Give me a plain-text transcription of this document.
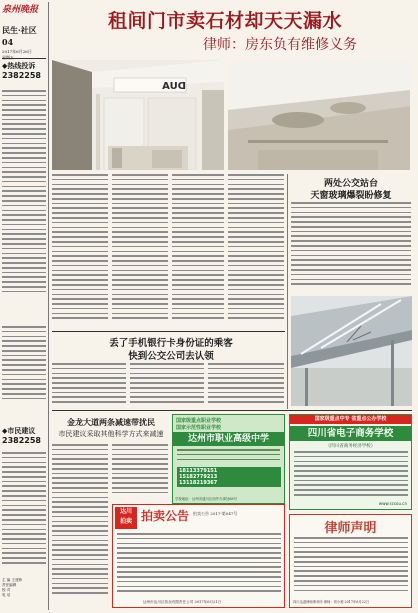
泉州晚报
民生·社区
04
2017年6月26日
◆热线投诉
2382258
◆市民建议
2382258
主 编 王建炜
责任编辑
校 对
电 话
租间门市卖石材却天天漏水
律师：房东负有维修义务
DUA
两处公交站台
天窗玻璃爆裂盼修复
丢了手机银行卡身份证的乘客
快到公交公司去认领
金龙大道两条减速带扰民
市民建议采取其他科学方式来减速
国家级重点职业学校
国家示范性职业学校
达州市职业高级中学
18113379151
15182779213
13118219367
学校地址：达州市通川区西外办事处68号
达川
拍卖 拍卖公告 拍卖公告 2017-第047号
达州市达川区拍卖有限责任公司 2017年6月21日
国家级重点中专 省重点公办学校
四川省电子商务学校
（四川省商务经济学校）
www.scsou.cn
律师声明
四川达道律师事务所 律师：刘小莉 2017年6月22日
